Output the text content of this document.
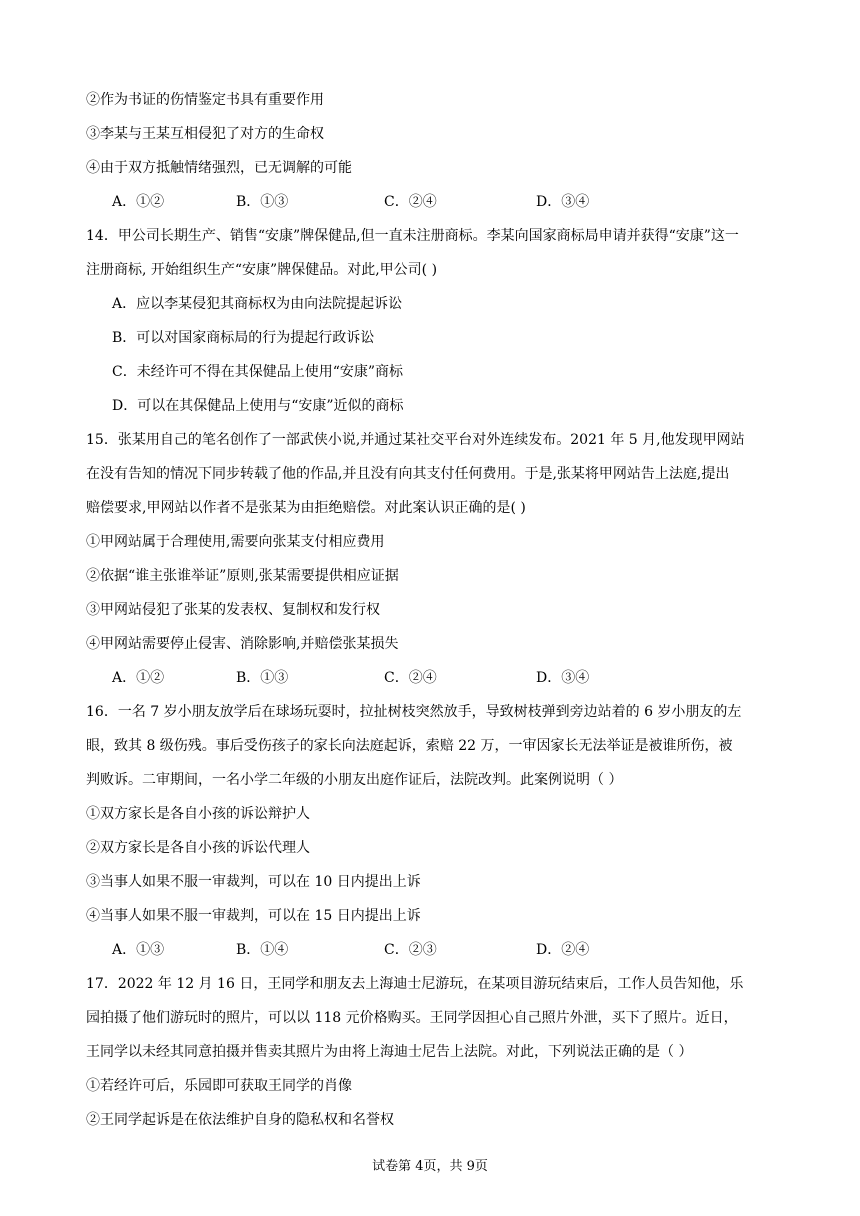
②作为书证的伤情鉴定书具有重要作用
③李某与王某互相侵犯了对方的生命权
④由于双方抵触情绪强烈，已无调解的可能
A．①②	B．①③	C．②④	D．③④
14．甲公司长期生产、销售“安康”牌保健品,但一直未注册商标。李某向国家商标局申请并获得“安康”这一
注册商标, 开始组织生产“安康”牌保健品。对此,甲公司( )
A．应以李某侵犯其商标权为由向法院提起诉讼
B．可以对国家商标局的行为提起行政诉讼
C．未经许可不得在其保健品上使用“安康”商标
D．可以在其保健品上使用与“安康”近似的商标
15．张某用自己的笔名创作了一部武侠小说,并通过某社交平台对外连续发布。2021 年 5 月,他发现甲网站
在没有告知的情况下同步转载了他的作品,并且没有向其支付任何费用。于是,张某将甲网站告上法庭,提出
赔偿要求,甲网站以作者不是张某为由拒绝赔偿。对此案认识正确的是( )
①甲网站属于合理使用,需要向张某支付相应费用
②依据“谁主张谁举证”原则,张某需要提供相应证据
③甲网站侵犯了张某的发表权、复制权和发行权
④甲网站需要停止侵害、消除影响,并赔偿张某损失
A．①②	B．①③	C．②④	D．③④
16．一名 7 岁小朋友放学后在球场玩耍时，拉扯树枝突然放手，导致树枝弹到旁边站着的 6 岁小朋友的左
眼，致其 8 级伤残。事后受伤孩子的家长向法庭起诉，索赔 22 万，一审因家长无法举证是被谁所伤，被
判败诉。二审期间，一名小学二年级的小朋友出庭作证后，法院改判。此案例说明（ ）
①双方家长是各自小孩的诉讼辩护人
②双方家长是各自小孩的诉讼代理人
③当事人如果不服一审裁判，可以在 10 日内提出上诉
④当事人如果不服一审裁判，可以在 15 日内提出上诉
A．①③	B．①④	C．②③	D．②④
17．2022 年 12 月 16 日，王同学和朋友去上海迪士尼游玩，在某项目游玩结束后，工作人员告知他，乐
园拍摄了他们游玩时的照片，可以以 118 元价格购买。王同学因担心自己照片外泄，买下了照片。近日，
王同学以未经其同意拍摄并售卖其照片为由将上海迪士尼告上法院。对此，下列说法正确的是（ ）
①若经许可后，乐园即可获取王同学的肖像
②王同学起诉是在依法维护自身的隐私权和名誉权
试卷第 4页，共 9页
